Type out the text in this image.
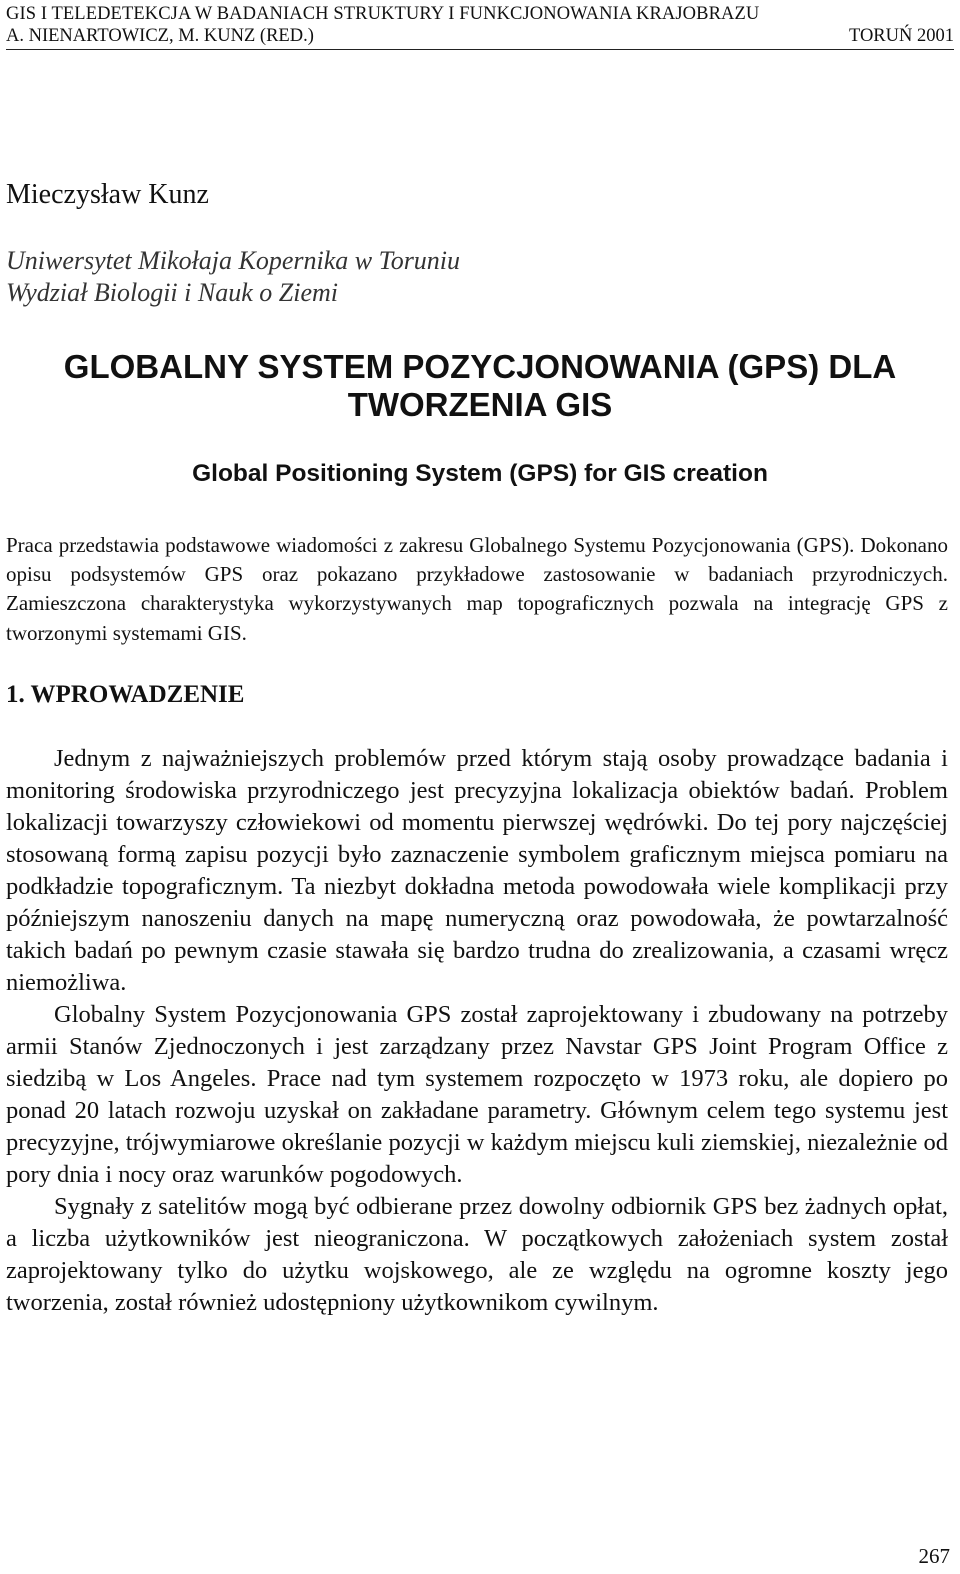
GIS I TELEDETEKCJA W BADANIACH STRUKTURY I FUNKCJONOWANIA KRAJOBRAZU
A. NIENARTOWICZ, M. KUNZ (RED.)	TORUŃ 2001
Mieczysław Kunz
Uniwersytet Mikołaja Kopernika w Toruniu
Wydział Biologii i Nauk o Ziemi
GLOBALNY SYSTEM POZYCJONOWANIA (GPS) DLA
TWORZENIA GIS
Global Positioning System (GPS) for GIS creation
Praca przedstawia podstawowe wiadomości z zakresu Globalnego Systemu Pozycjonowania (GPS). Dokonano opisu podsystemów GPS oraz pokazano przykładowe zastosowanie w badaniach przyrodniczych. Zamieszczona charakterystyka wykorzystywanych map topograficznych pozwala na integrację GPS z tworzonymi systemami GIS.
1. WPROWADZENIE

Jednym z najważniejszych problemów przed którym stają osoby prowadzące badania i monitoring środowiska przyrodniczego jest precyzyjna lokalizacja obiektów badań. Problem lokalizacji towarzyszy człowiekowi od momentu pierwszej wędrówki. Do tej pory najczęściej stosowaną formą zapisu pozycji było zaznaczenie symbolem graficznym miejsca pomiaru na podkładzie topograficznym. Ta niezbyt dokładna metoda powodowała wiele komplikacji przy późniejszym nanoszeniu danych na mapę numeryczną oraz powodowała, że powtarzalność takich badań po pewnym czasie stawała się bardzo trudna do zrealizowania, a czasami wręcz niemożliwa.

Globalny System Pozycjonowania GPS został zaprojektowany i zbudowany na potrzeby armii Stanów Zjednoczonych i jest zarządzany przez Navstar GPS Joint Program Office z siedzibą w Los Angeles. Prace nad tym systemem rozpoczęto w 1973 roku, ale dopiero po ponad 20 latach rozwoju uzyskał on zakładane parametry. Głównym celem tego systemu jest precyzyjne, trójwymiarowe określanie pozycji w każdym miejscu kuli ziemskiej, niezależnie od pory dnia i nocy oraz warunków pogodowych.

Sygnały z satelitów mogą być odbierane przez dowolny odbiornik GPS bez żadnych opłat, a liczba użytkowników jest nieograniczona. W początkowych założeniach system został zaprojektowany tylko do użytku wojskowego, ale ze względu na ogromne koszty jego tworzenia, został również udostępniony użytkownikom cywilnym.

267
